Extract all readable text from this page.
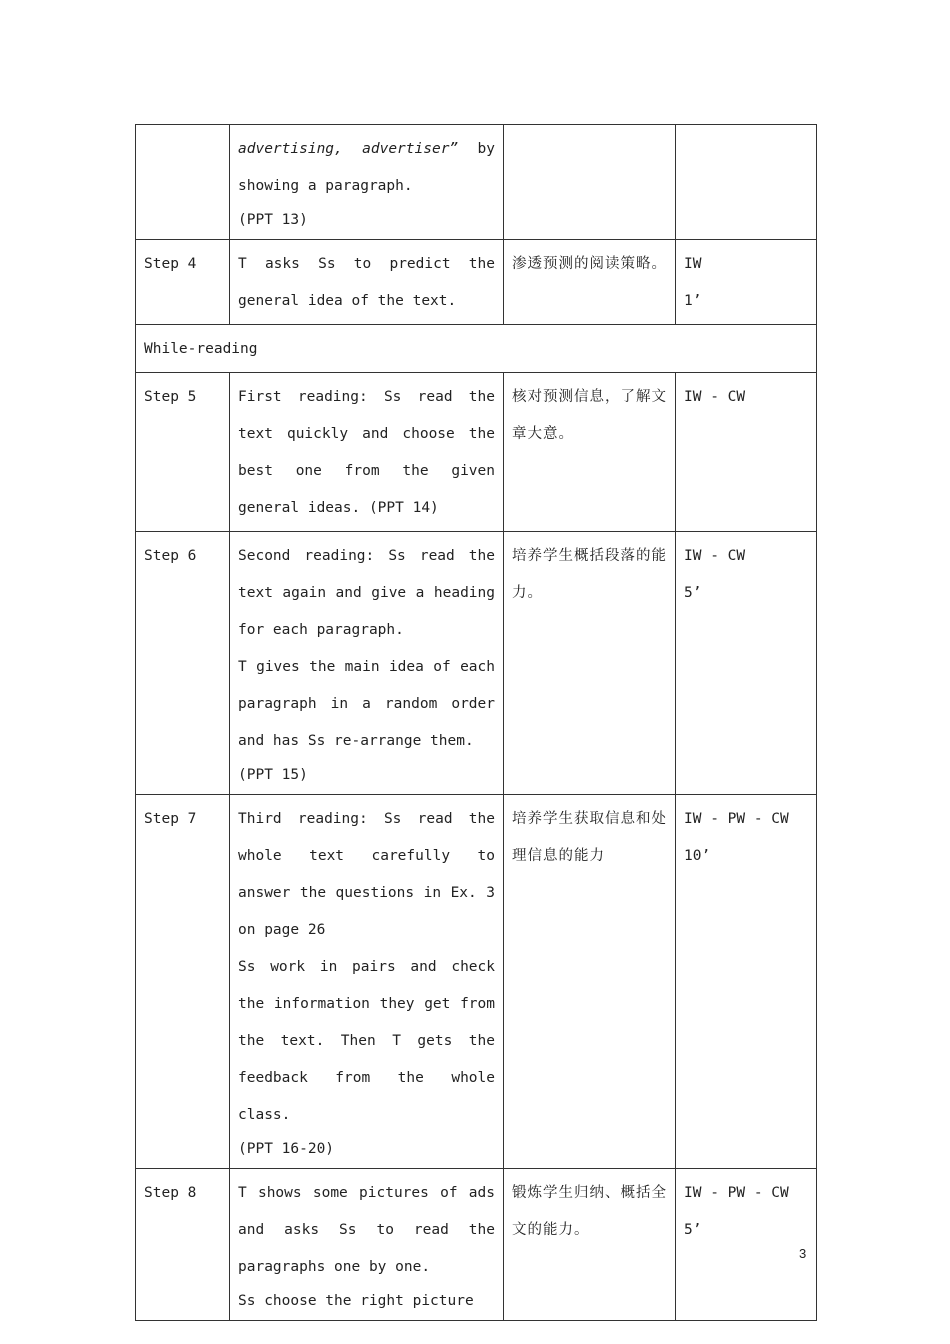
	advertising, advertiser” by showing a paragraph.
(PPT 13)		

Step 4	T asks Ss to predict the general idea of the text.	渗透预测的阅读策略。	IW
1’

While-reading			
Step 5	First reading: Ss read the text quickly and choose the best one from the given general ideas. (PPT 14)	核对预测信息，了解文章大意。	IW - CW

Step 6	Second reading: Ss read the text again and give a heading for each paragraph.
T gives the main idea of each paragraph in a random order and has Ss re-arrange them.
(PPT 15)	培养学生概括段落的能力。	IW - CW
5’

Step 7	Third reading: Ss read the whole text carefully to answer the questions in Ex. 3 on page 26
Ss work in pairs and check the information they get from the text. Then T gets the feedback from the whole class.
(PPT 16-20)	培养学生获取信息和处理信息的能力	IW - PW - CW
10’

Step 8	T shows some pictures of ads and asks Ss to read the paragraphs one by one.
Ss choose the right picture	锻炼学生归纳、概括全文的能力。	IW - PW - CW
5’
3
